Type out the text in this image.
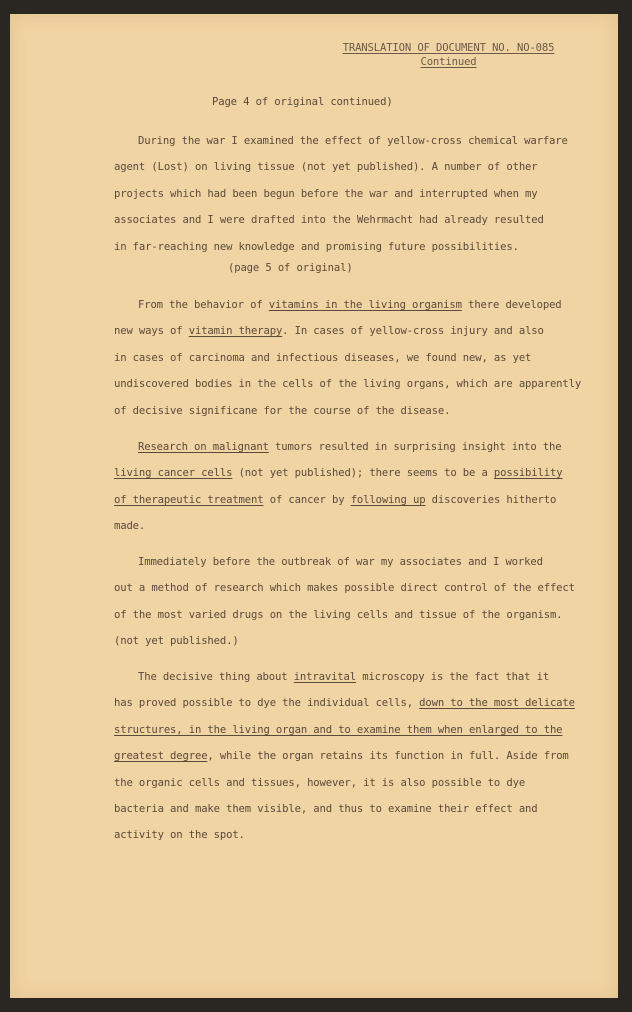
TRANSLATION OF DOCUMENT NO. NO-085
Continued
Page 4 of original continued)
During the war I examined the effect of yellow-cross chemical warfare
agent (Lost) on living tissue (not yet published). A number of other
projects which had been begun before the war and interrupted when my
associates and I were drafted into the Wehrmacht had already resulted
in far-reaching new knowledge and promising future possibilities.
(page 5 of original)
From the behavior of vitamins in the living organism there developed
new ways of vitamin therapy. In cases of yellow-cross injury and also
in cases of carcinoma and infectious diseases, we found new, as yet
undiscovered bodies in the cells of the living organs, which are apparently
of decisive significane for the course of the disease.
Research on malignant tumors resulted in surprising insight into the
living cancer cells (not yet published); there seems to be a possibility
of therapeutic treatment of cancer by following up discoveries hitherto
made.
Immediately before the outbreak of war my associates and I worked
out a method of research which makes possible direct control of the effect
of the most varied drugs on the living cells and tissue of the organism.
(not yet published.)
The decisive thing about intravital microscopy is the fact that it
has proved possible to dye the individual cells, down to the most delicate
structures, in the living organ and to examine them when enlarged to the
greatest degree, while the organ retains its function in full. Aside from
the organic cells and tissues, however, it is also possible to dye
bacteria and make them visible, and thus to examine their effect and
activity on the spot.
